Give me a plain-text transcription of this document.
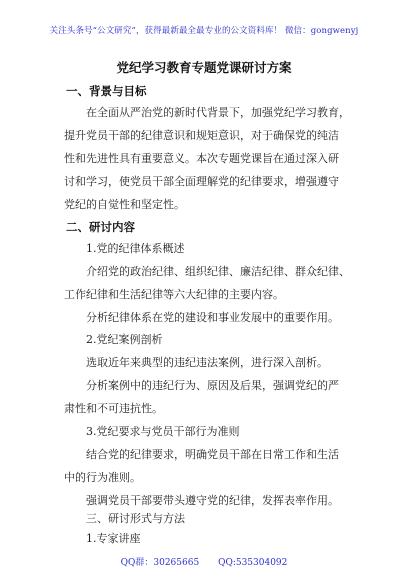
关注头条号“公文研究”，获得最新最全最专业的公文资料库！ 微信：gongwenyj
党纪学习教育专题党课研讨方案
一、背景与目标
在全面从严治党的新时代背景下，加强党纪学习教育，
提升党员干部的纪律意识和规矩意识，对于确保党的纯洁
性和先进性具有重要意义。本次专题党课旨在通过深入研
讨和学习，使党员干部全面理解党的纪律要求，增强遵守
党纪的自觉性和坚定性。
二、研讨内容
1.党的纪律体系概述
介绍党的政治纪律、组织纪律、廉洁纪律、群众纪律、
工作纪律和生活纪律等六大纪律的主要内容。
分析纪律体系在党的建设和事业发展中的重要作用。
2.党纪案例剖析
选取近年来典型的违纪违法案例，进行深入剖析。
分析案例中的违纪行为、原因及后果，强调党纪的严
肃性和不可违抗性。
3.党纪要求与党员干部行为准则
结合党的纪律要求，明确党员干部在日常工作和生活
中的行为准则。
强调党员干部要带头遵守党的纪律，发挥表率作用。
三、研讨形式与方法
QQ群：30265665 QQ:535304092
1.专家讲座
